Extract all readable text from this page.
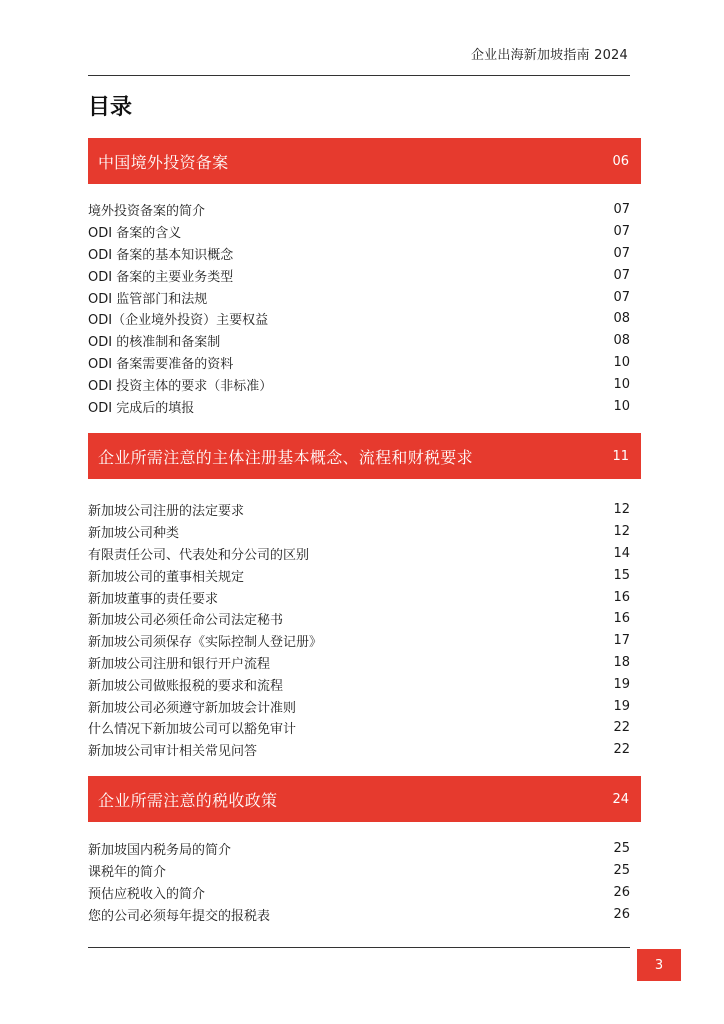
企业出海新加坡指南 2024
目录
中国境外投资备案	06
境外投资备案的简介	07
ODI 备案的含义	07
ODI 备案的基本知识概念	07
ODI 备案的主要业务类型	07
ODI 监管部门和法规	07
ODI（企业境外投资）主要权益	08
ODI 的核准制和备案制	08
ODI 备案需要准备的资料	10
ODI 投资主体的要求（非标准）	10
ODI 完成后的填报	10
企业所需注意的主体注册基本概念、流程和财税要求	11
新加坡公司注册的法定要求	12
新加坡公司种类	12
有限责任公司、代表处和分公司的区别	14
新加坡公司的董事相关规定	15
新加坡董事的责任要求	16
新加坡公司必须任命公司法定秘书	16
新加坡公司须保存《实际控制人登记册》	17
新加坡公司注册和银行开户流程	18
新加坡公司做账报税的要求和流程	19
新加坡公司必须遵守新加坡会计准则	19
什么情况下新加坡公司可以豁免审计	22
新加坡公司审计相关常见问答	22
企业所需注意的税收政策	24
新加坡国内税务局的简介	25
课税年的简介	25
预估应税收入的简介	26
您的公司必须每年提交的报税表	26
3
